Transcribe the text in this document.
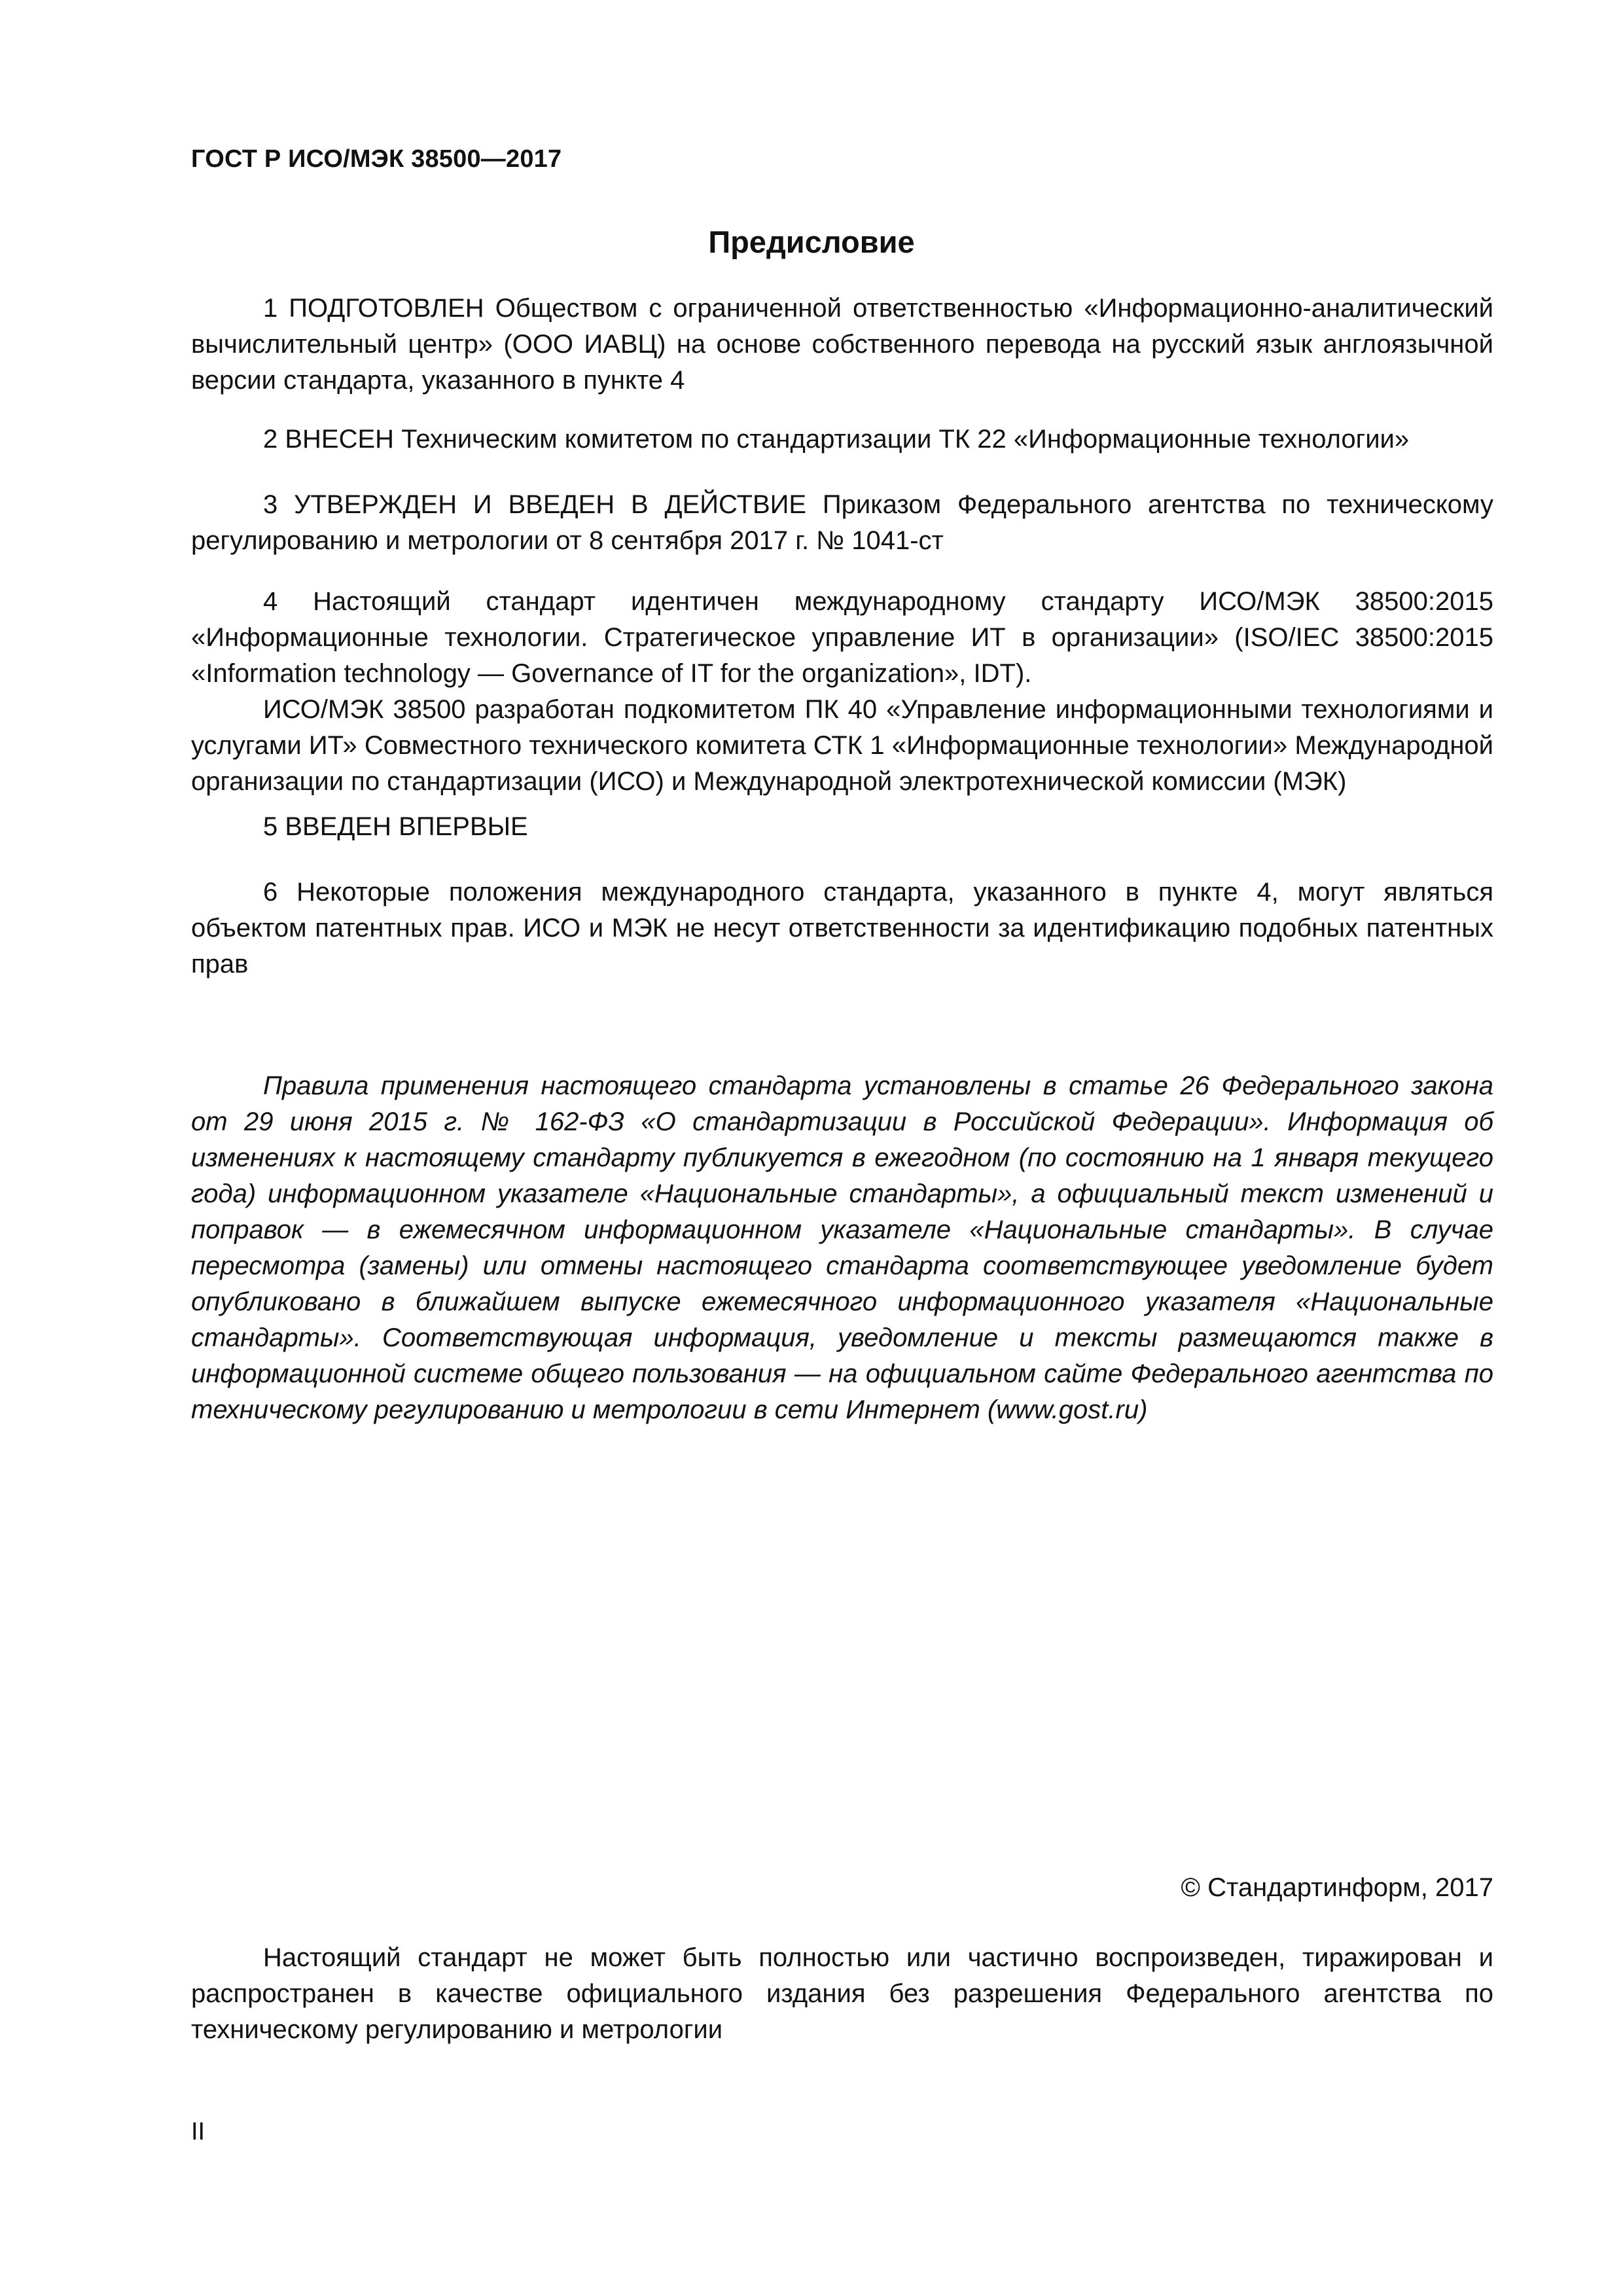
ГОСТ Р ИСО/МЭК 38500—2017
Предисловие

1 ПОДГОТОВЛЕН Обществом с ограниченной ответственностью «Информационно-аналитический вычислительный центр» (ООО ИАВЦ) на основе собственного перевода на русский язык англоязычной версии стандарта, указанного в пункте 4

2 ВНЕСЕН Техническим комитетом по стандартизации ТК 22 «Информационные технологии»

3 УТВЕРЖДЕН И ВВЕДЕН В ДЕЙСТВИЕ Приказом Федерального агентства по техническому регулированию и метрологии от 8 сентября 2017 г. № 1041-ст

4 Настоящий стандарт идентичен международному стандарту ИСО/МЭК 38500:2015 «Информационные технологии. Стратегическое управление ИТ в организации» (ISO/IEC 38500:2015 «Information technology — Governance of IT for the organization», IDT).

ИСО/МЭК 38500 разработан подкомитетом ПК 40 «Управление информационными технологиями и услугами ИТ» Совместного технического комитета СТК 1 «Информационные технологии» Международной организации по стандартизации (ИСО) и Международной электротехнической комиссии (МЭК)

5 ВВЕДЕН ВПЕРВЫЕ

6 Некоторые положения международного стандарта, указанного в пункте 4, могут являться объектом патентных прав. ИСО и МЭК не несут ответственности за идентификацию подобных патентных прав

Правила применения настоящего стандарта установлены в статье 26 Федерального закона от 29 июня 2015 г. № 162-ФЗ «О стандартизации в Российской Федерации». Информация об изменениях к настоящему стандарту публикуется в ежегодном (по состоянию на 1 января текущего года) информационном указателе «Национальные стандарты», а официальный текст изменений и поправок — в ежемесячном информационном указателе «Национальные стандарты». В случае пересмотра (замены) или отмены настоящего стандарта соответствующее уведомление будет опубликовано в ближайшем выпуске ежемесячного информационного указателя «Национальные стандарты». Соответствующая информация, уведомление и тексты размещаются также в информационной системе общего пользования — на официальном сайте Федерального агентства по техническому регулированию и метрологии в сети Интернет (www.gost.ru)

© Стандартинформ, 2017

Настоящий стандарт не может быть полностью или частично воспроизведен, тиражирован и распространен в качестве официального издания без разрешения Федерального агентства по техническому регулированию и метрологии

II
